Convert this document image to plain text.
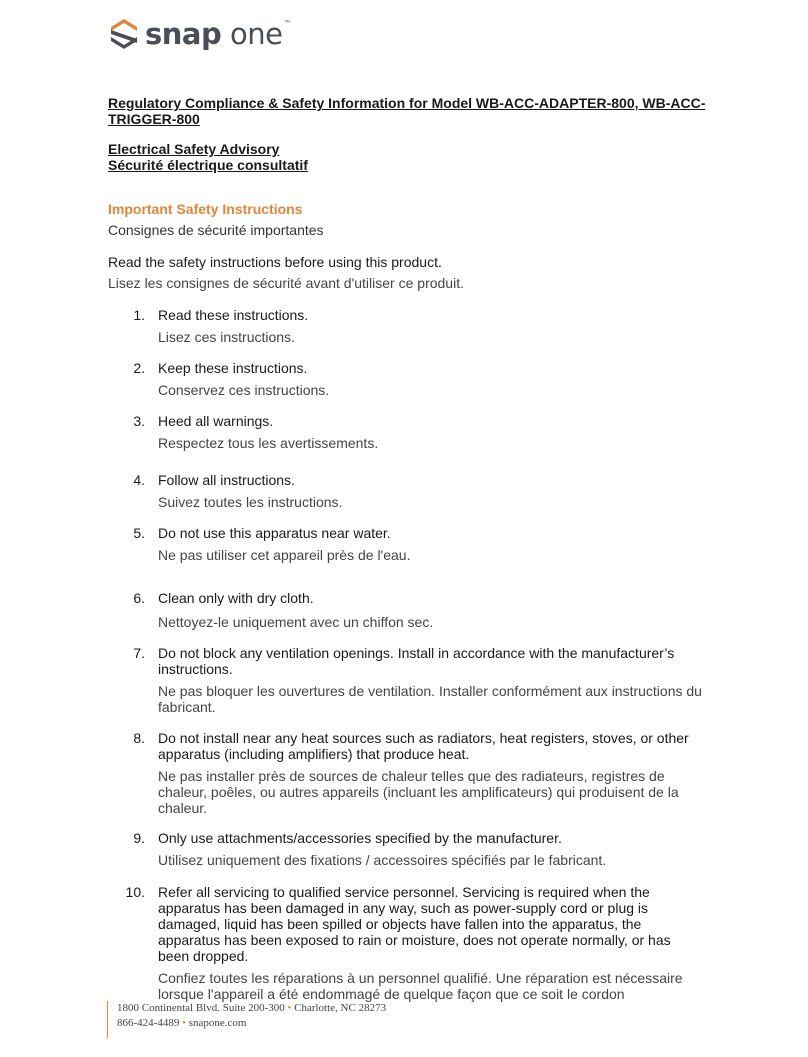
snap one™
Regulatory Compliance & Safety Information for Model WB-ACC-ADAPTER-800, WB-ACC-TRIGGER-800
Electrical Safety Advisory
Sécurité électrique consultatif
Important Safety Instructions
Consignes de sécurité importantes
Read the safety instructions before using this product.
Lisez les consignes de sécurité avant d'utiliser ce produit.
1. Read these instructions.
Lisez ces instructions.
2. Keep these instructions.
Conservez ces instructions.
3. Heed all warnings.
Respectez tous les avertissements.
4. Follow all instructions.
Suivez toutes les instructions.
5. Do not use this apparatus near water.
Ne pas utiliser cet appareil près de l'eau.
6. Clean only with dry cloth.
Nettoyez-le uniquement avec un chiffon sec.
7. Do not block any ventilation openings. Install in accordance with the manufacturer’s instructions.
Ne pas bloquer les ouvertures de ventilation. Installer conformément aux instructions du fabricant.
8. Do not install near any heat sources such as radiators, heat registers, stoves, or other apparatus (including amplifiers) that produce heat.
Ne pas installer près de sources de chaleur telles que des radiateurs, registres de chaleur, poêles, ou autres appareils (incluant les amplificateurs) qui produisent de la chaleur.
9. Only use attachments/accessories specified by the manufacturer.
Utilisez uniquement des fixations / accessoires spécifiés par le fabricant.
10. Refer all servicing to qualified service personnel. Servicing is required when the apparatus has been damaged in any way, such as power-supply cord or plug is damaged, liquid has been spilled or objects have fallen into the apparatus, the apparatus has been exposed to rain or moisture, does not operate normally, or has been dropped.
Confiez toutes les réparations à un personnel qualifié. Une réparation est nécessaire lorsque l'appareil a été endommagé de quelque façon que ce soit le cordon
1800 Continental Blvd. Suite 200-300 • Charlotte, NC 28273
866-424-4489 • snapone.com
